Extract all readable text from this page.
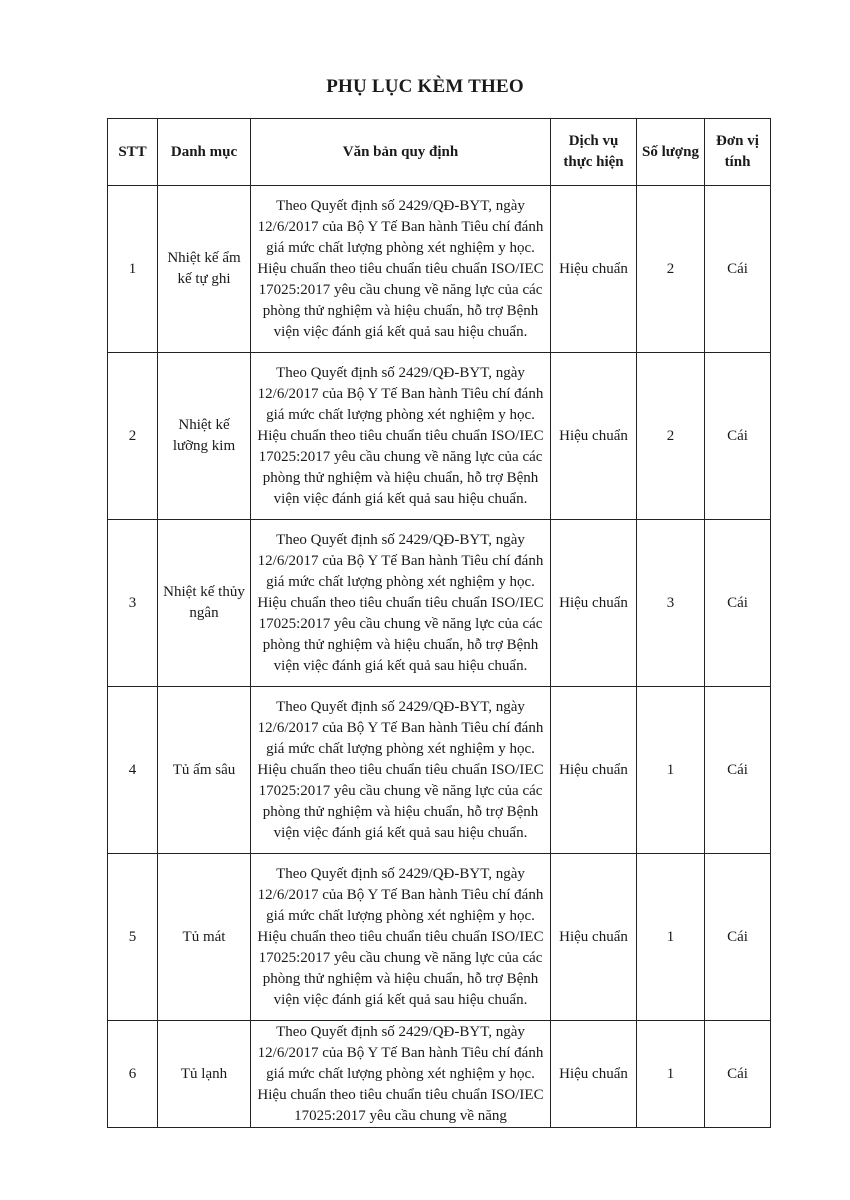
PHỤ LỤC KÈM THEO
STT	Danh mục	Văn bản quy định	Dịch vụ thực hiện	Số lượng	Đơn vị tính
1	Nhiệt kế ẩm kế tự ghi	Theo Quyết định số 2429/QĐ-BYT, ngày 12/6/2017 của Bộ Y Tế Ban hành Tiêu chí đánh giá mức chất lượng phòng xét nghiệm y học. Hiệu chuẩn theo tiêu chuẩn tiêu chuẩn ISO/IEC 17025:2017 yêu cầu chung về năng lực của các phòng thử nghiệm và hiệu chuẩn, hỗ trợ Bệnh viện việc đánh giá kết quả sau hiệu chuẩn.	Hiệu chuẩn	2	Cái
2	Nhiệt kế lưỡng kim	Theo Quyết định số 2429/QĐ-BYT, ngày 12/6/2017 của Bộ Y Tế Ban hành Tiêu chí đánh giá mức chất lượng phòng xét nghiệm y học. Hiệu chuẩn theo tiêu chuẩn tiêu chuẩn ISO/IEC 17025:2017 yêu cầu chung về năng lực của các phòng thử nghiệm và hiệu chuẩn, hỗ trợ Bệnh viện việc đánh giá kết quả sau hiệu chuẩn.	Hiệu chuẩn	2	Cái
3	Nhiệt kế thủy ngân	Theo Quyết định số 2429/QĐ-BYT, ngày 12/6/2017 của Bộ Y Tế Ban hành Tiêu chí đánh giá mức chất lượng phòng xét nghiệm y học. Hiệu chuẩn theo tiêu chuẩn tiêu chuẩn ISO/IEC 17025:2017 yêu cầu chung về năng lực của các phòng thử nghiệm và hiệu chuẩn, hỗ trợ Bệnh viện việc đánh giá kết quả sau hiệu chuẩn.	Hiệu chuẩn	3	Cái
4	Tủ ấm sâu	Theo Quyết định số 2429/QĐ-BYT, ngày 12/6/2017 của Bộ Y Tế Ban hành Tiêu chí đánh giá mức chất lượng phòng xét nghiệm y học. Hiệu chuẩn theo tiêu chuẩn tiêu chuẩn ISO/IEC 17025:2017 yêu cầu chung về năng lực của các phòng thử nghiệm và hiệu chuẩn, hỗ trợ Bệnh viện việc đánh giá kết quả sau hiệu chuẩn.	Hiệu chuẩn	1	Cái
5	Tủ mát	Theo Quyết định số 2429/QĐ-BYT, ngày 12/6/2017 của Bộ Y Tế Ban hành Tiêu chí đánh giá mức chất lượng phòng xét nghiệm y học. Hiệu chuẩn theo tiêu chuẩn tiêu chuẩn ISO/IEC 17025:2017 yêu cầu chung về năng lực của các phòng thử nghiệm và hiệu chuẩn, hỗ trợ Bệnh viện việc đánh giá kết quả sau hiệu chuẩn.	Hiệu chuẩn	1	Cái
6	Tủ lạnh	Theo Quyết định số 2429/QĐ-BYT, ngày 12/6/2017 của Bộ Y Tế Ban hành Tiêu chí đánh giá mức chất lượng phòng xét nghiệm y học. Hiệu chuẩn theo tiêu chuẩn tiêu chuẩn ISO/IEC 17025:2017 yêu cầu chung về năng	Hiệu chuẩn	1	Cái
